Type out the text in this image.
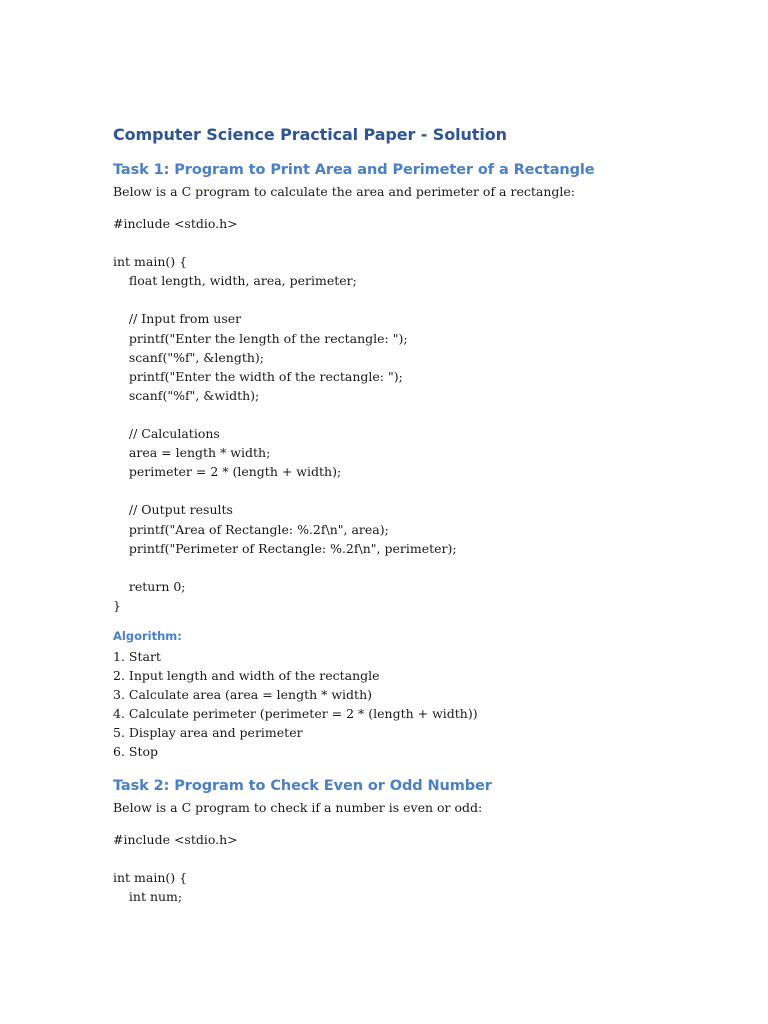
Computer Science Practical Paper - Solution
Task 1: Program to Print Area and Perimeter of a Rectangle

Below is a C program to calculate the area and perimeter of a rectangle:

#include <stdio.h>

int main() {
float length, width, area, perimeter;

// Input from user
printf("Enter the length of the rectangle: ");
scanf("%f", &length);
printf("Enter the width of the rectangle: ");
scanf("%f", &width);

// Calculations
area = length * width;
perimeter = 2 * (length + width);

// Output results
printf("Area of Rectangle: %.2f\n", area);
printf("Perimeter of Rectangle: %.2f\n", perimeter);

return 0;
}
Algorithm:
1. Start
2. Input length and width of the rectangle
3. Calculate area (area = length * width)
4. Calculate perimeter (perimeter = 2 * (length + width))
5. Display area and perimeter
6. Stop
Task 2: Program to Check Even or Odd Number

Below is a C program to check if a number is even or odd:

#include <stdio.h>

int main() {
int num;
